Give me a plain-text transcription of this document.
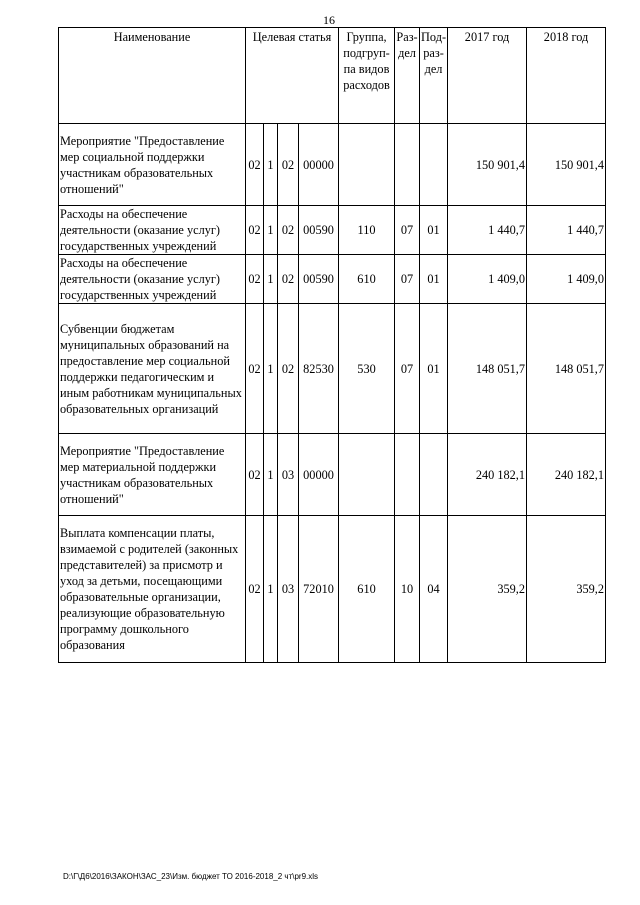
16
Наименование	Целевая статья				Группа, подгруп-па видов расходов	Раз-дел	Под-раз-дел	2017 год	2018 год
Мероприятие "Предоставление мер социальной поддержки участникам образовательных отношений"	02	1	02	00000				150 901,4	150 901,4
Расходы на обеспечение деятельности (оказание услуг) государственных учреждений	02	1	02	00590	110	07	01	1 440,7	1 440,7
Расходы на обеспечение деятельности (оказание услуг) государственных учреждений	02	1	02	00590	610	07	01	1 409,0	1 409,0
Субвенции бюджетам муниципальных образований на предоставление мер социальной поддержки педагогическим и иным работникам муниципальных образовательных организаций	02	1	02	82530	530	07	01	148 051,7	148 051,7
Мероприятие "Предоставление мер материальной поддержки участникам образовательных отношений"	02	1	03	00000				240 182,1	240 182,1
Выплата компенсации платы, взимаемой с родителей (законных представителей) за присмотр и уход за детьми, посещающими образовательные организации, реализующие образовательную программу дошкольного образования	02	1	03	72010	610	10	04	359,2	359,2
D:\Г\Д6\2016\ЗАКОН\ЗАС_23\Изм. бюджет ТО 2016-2018_2 чт\pr9.xls
